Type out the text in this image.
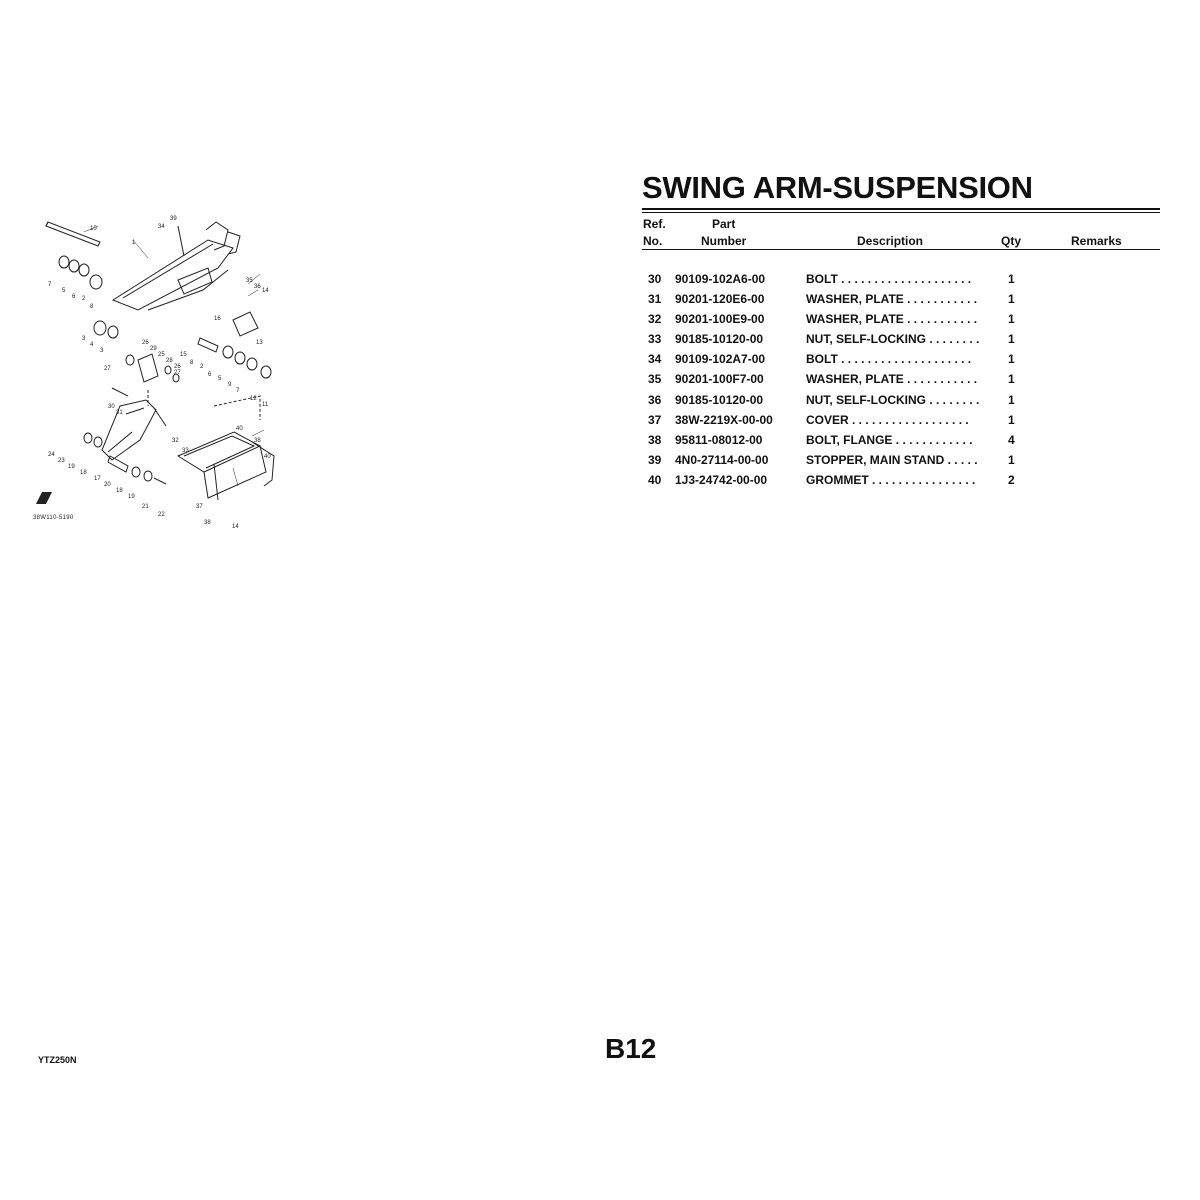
10
1
39
34
35
36
14
7
5
6 2
8
3
4
3
16
13
26
29
25	15
28
26
27
8
2
27
6
5
9
7
12
11
30
31
32
33
40
38
40
24
23
19
18
17
20
18
19
21
22
37
38
14
38W110-5190
SWING ARM-SUSPENSION
Ref.
No.
Part
Number	Description	Qty	Remarks
30 90109-102A6-00	BOLT . . . . . . . . . . . . . . . . . . . .	1
31 90201-120E6-00	WASHER, PLATE . . . . . . . . . . .	1
32 90201-100E9-00	WASHER, PLATE . . . . . . . . . . .	1
33 90185-10120-00	NUT, SELF-LOCKING . . . . . . . .	1
34 90109-102A7-00	BOLT . . . . . . . . . . . . . . . . . . . .	1
35 90201-100F7-00	WASHER, PLATE . . . . . . . . . . .	1
36 90185-10120-00	NUT, SELF-LOCKING . . . . . . . .	1
37 38W-2219X-00-00	COVER . . . . . . . . . . . . . . . . . .	1
38 95811-08012-00	BOLT, FLANGE . . . . . . . . . . . .	4
39 4N0-27114-00-00	STOPPER, MAIN STAND . . . . .	1
40 1J3-24742-00-00	GROMMET . . . . . . . . . . . . . . . .	2
B12
YTZ250N
